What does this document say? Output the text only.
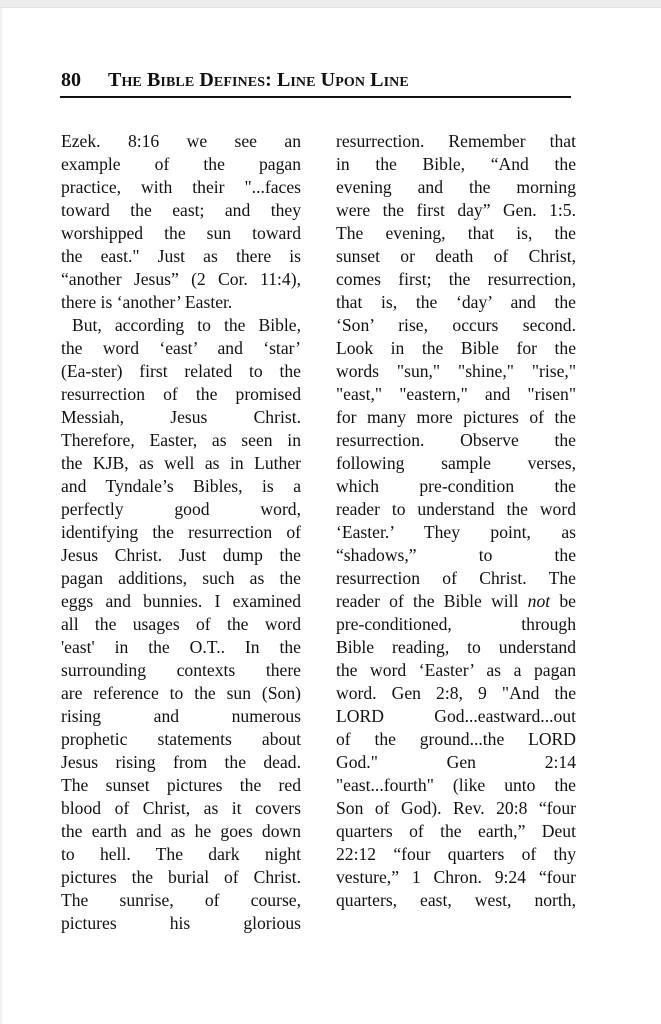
80 The Bible Defines: Line Upon Line
Ezek. 8:16 we see an
example of the pagan
practice, with their "...faces
toward the east; and they
worshipped the sun toward
the east." Just as there is
“another Jesus” (2 Cor. 11:4),
there is ‘another’ Easter.
But, according to the Bible,
the word ‘east’ and ‘star’
(Ea-ster) first related to the
resurrection of the promised
Messiah, Jesus Christ.
Therefore, Easter, as seen in
the KJB, as well as in Luther
and Tyndale’s Bibles, is a
perfectly good word,
identifying the resurrection of
Jesus Christ. Just dump the
pagan additions, such as the
eggs and bunnies. I examined
all the usages of the word
'east' in the O.T.. In the
surrounding contexts there
are reference to the sun (Son)
rising and numerous
prophetic statements about
Jesus rising from the dead.
The sunset pictures the red
blood of Christ, as it covers
the earth and as he goes down
to hell. The dark night
pictures the burial of Christ.
The sunrise, of course,
pictures his glorious
resurrection. Remember that
in the Bible, “And the
evening and the morning
were the first day” Gen. 1:5.
The evening, that is, the
sunset or death of Christ,
comes first; the resurrection,
that is, the ‘day’ and the
‘Son’ rise, occurs second.
Look in the Bible for the
words "sun," "shine," "rise,"
"east," "eastern," and "risen"
for many more pictures of the
resurrection. Observe the
following sample verses,
which pre-condition the
reader to understand the word
‘Easter.’ They point, as
“shadows,” to the
resurrection of Christ. The
reader of the Bible will not be
pre-conditioned, through
Bible reading, to understand
the word ‘Easter’ as a pagan
word. Gen 2:8, 9 "And the
LORD God...eastward...out
of the ground...the LORD
God." Gen 2:14
"east...fourth" (like unto the
Son of God). Rev. 20:8 “four
quarters of the earth,” Deut
22:12 “four quarters of thy
vesture,” 1 Chron. 9:24 “four
quarters, east, west, north,
